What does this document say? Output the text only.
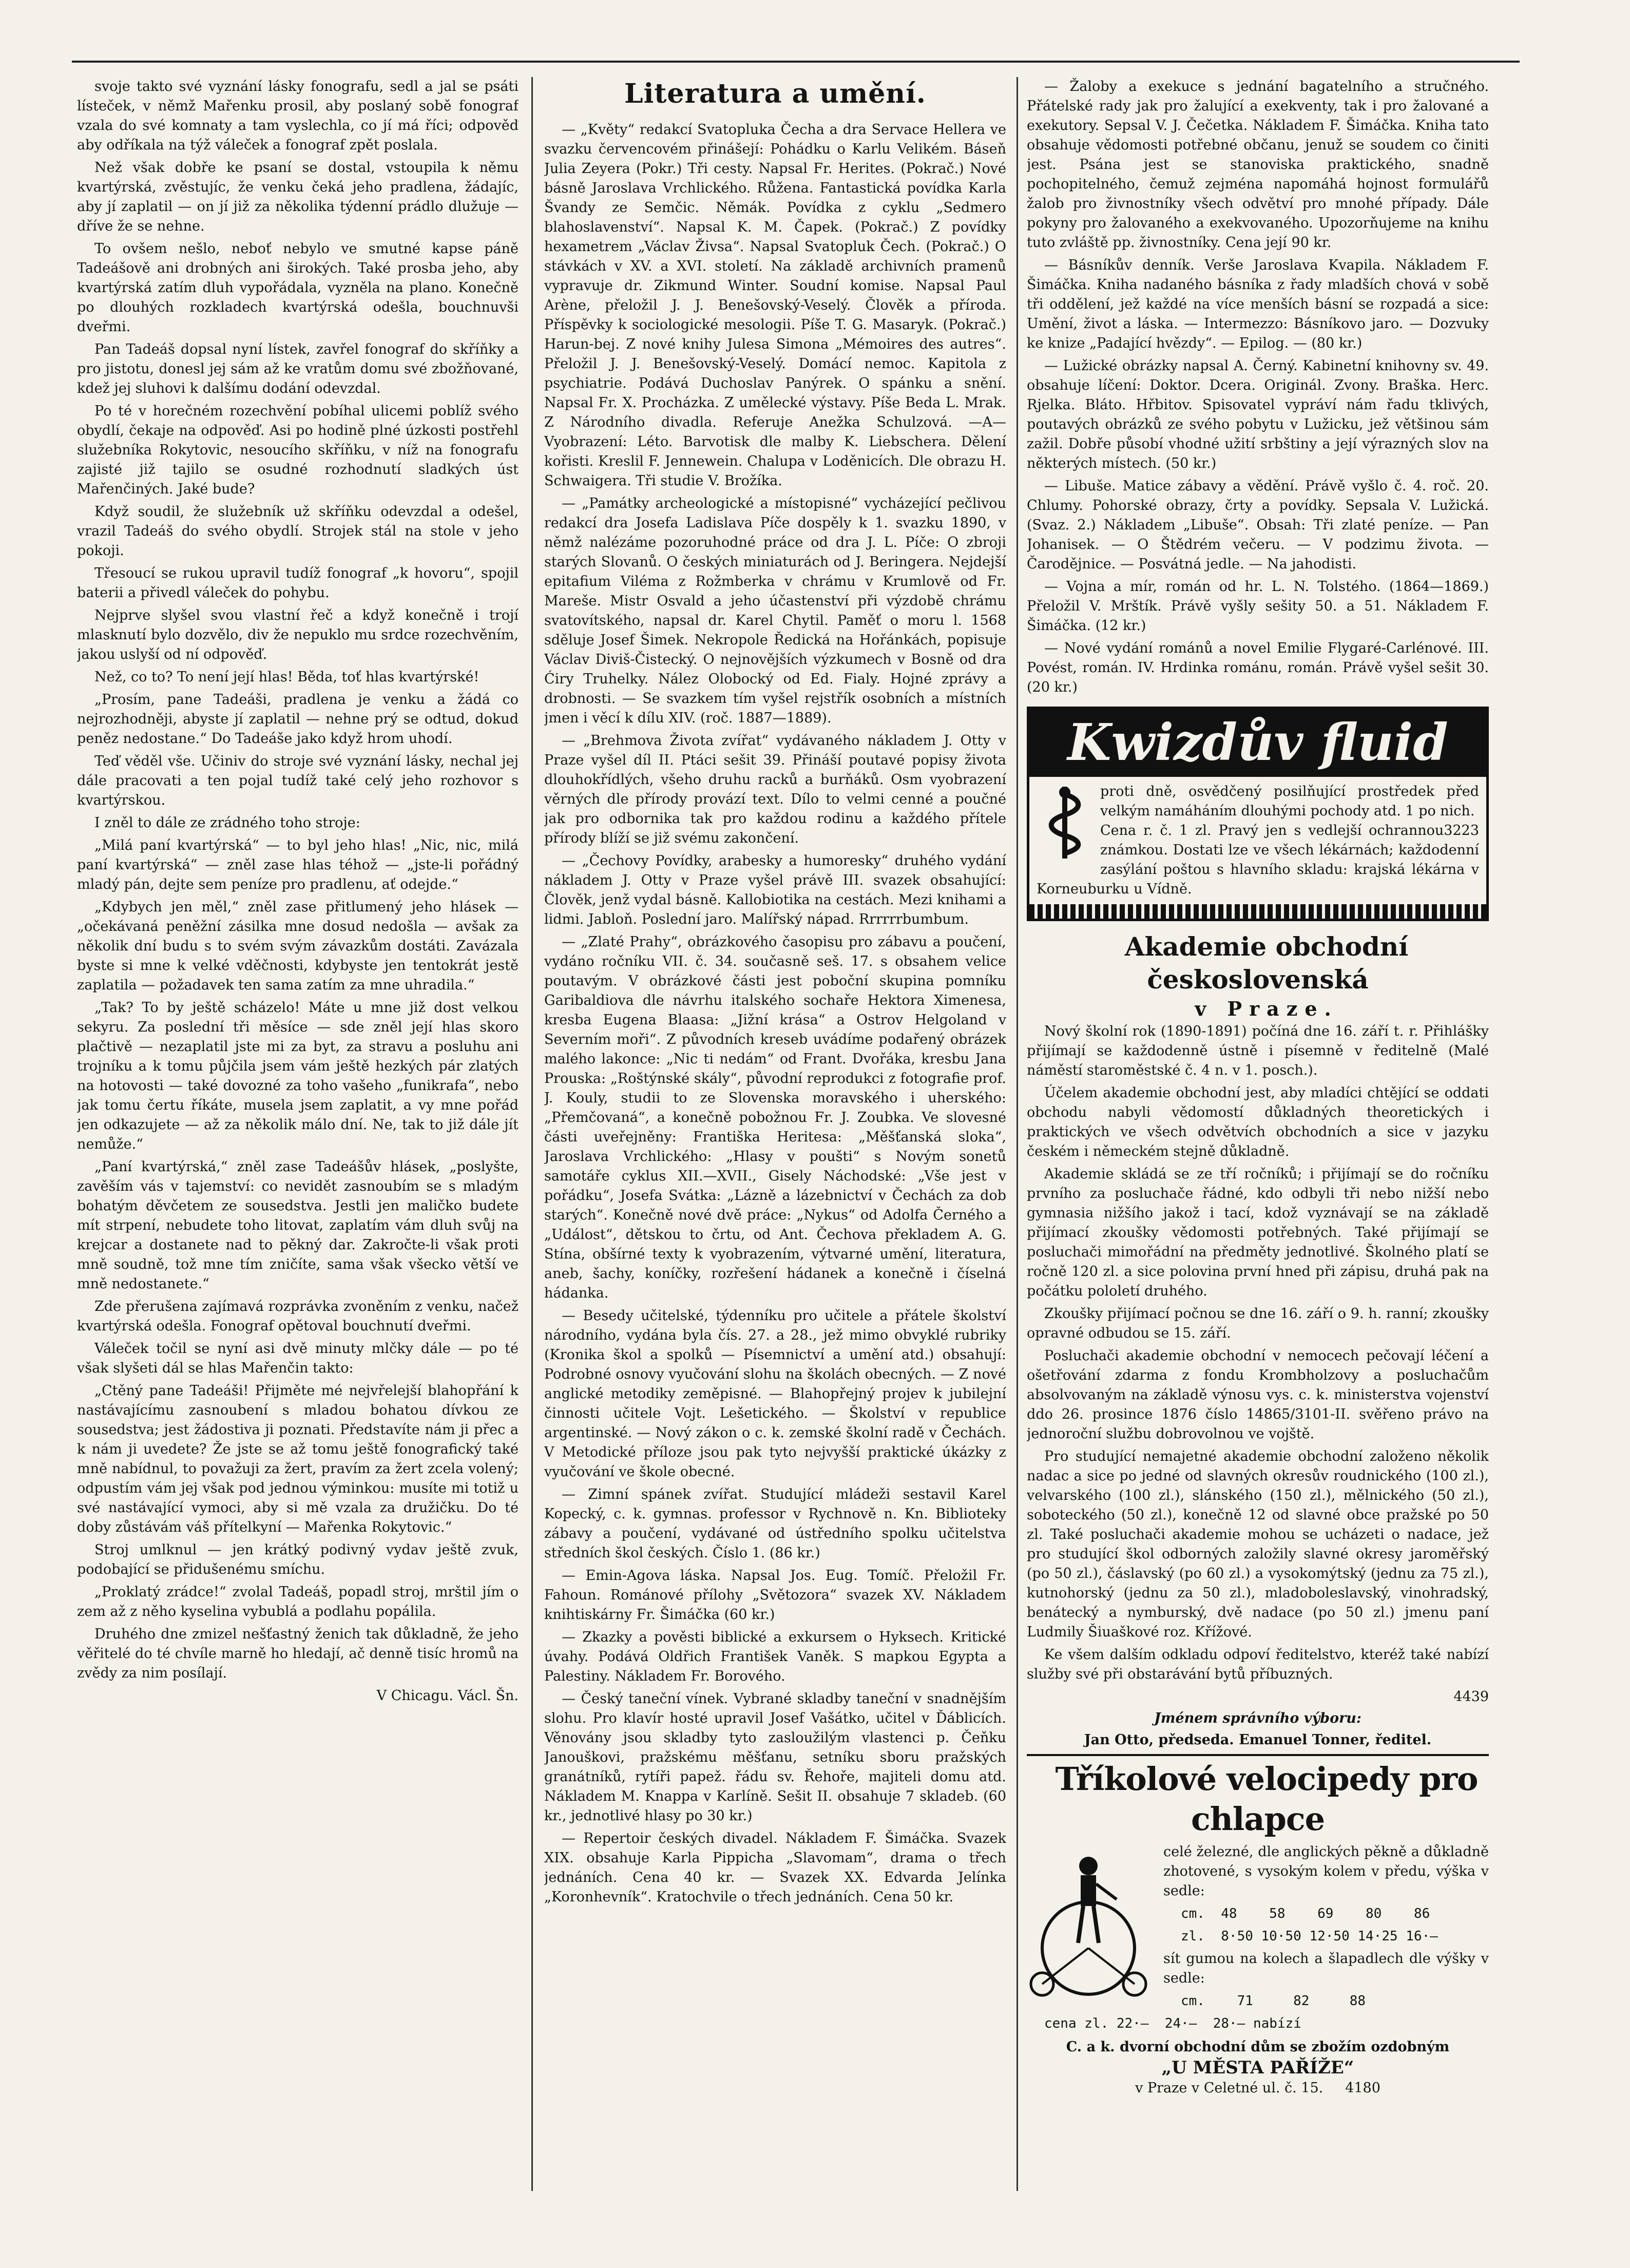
svoje takto své vyznání lásky fonografu, sedl a jal se psáti lísteček, v němž Mařenku prosil, aby poslaný sobě fonograf vzala do své komnaty a tam vyslechla, co jí má říci; odpověď aby odříkala na týž váleček a fonograf zpět poslala.

Než však dobře ke psaní se dostal, vstoupila k němu kvartýrská, zvěstujíc, že venku čeká jeho pradlena, žádajíc, aby jí zaplatil — on jí již za několika týdenní prádlo dlužuje — dříve že se nehne.

To ovšem nešlo, neboť nebylo ve smutné kapse páně Tadeášově ani drobných ani širokých. Také prosba jeho, aby kvartýrská zatím dluh vypořádala, vyzněla na plano. Konečně po dlouhých rozkladech kvartýrská odešla, bouchnuvši dveřmi.

Pan Tadeáš dopsal nyní lístek, zavřel fonograf do skříňky a pro jistotu, donesl jej sám až ke vratům domu své zbožňované, kdež jej sluhovi k dalšímu dodání odevzdal.

Po té v horečném rozechvění pobíhal ulicemi poblíž svého obydlí, čekaje na odpověď. Asi po hodině plné úzkosti postřehl služebníka Rokytovic, nesoucího skříňku, v níž na fonografu zajisté již tajilo se osudné rozhodnutí sladkých úst Mařenčiných. Jaké bude?

Když soudil, že služebník už skříňku odevzdal a odešel, vrazil Tadeáš do svého obydlí. Strojek stál na stole v jeho pokoji.

Třesoucí se rukou upravil tudíž fonograf „k hovoru“, spojil baterii a přivedl váleček do pohybu.

Nejprve slyšel svou vlastní řeč a když konečně i trojí mlasknutí bylo dozvělo, div že nepuklo mu srdce rozechvěním, jakou uslyší od ní odpověď.

Než, co to? To není její hlas! Běda, toť hlas kvartýrské!

„Prosím, pane Tadeáši, pradlena je venku a žádá co nejrozhodněji, abyste jí zaplatil — nehne prý se odtud, dokud peněz nedostane.“ Do Tadeáše jako když hrom uhodí.

Teď věděl vše. Učiniv do stroje své vyznání lásky, nechal jej dále pracovati a ten pojal tudíž také celý jeho rozhovor s kvartýrskou.

I zněl to dále ze zrádného toho stroje:

„Milá paní kvartýrská“ — to byl jeho hlas! „Nic, nic, milá paní kvartýrská“ — zněl zase hlas téhož — „jste-li pořádný mladý pán, dejte sem peníze pro pradlenu, ať odejde.“

„Kdybych jen měl,“ zněl zase přitlumený jeho hlásek — „očekávaná peněžní zásilka mne dosud nedošla — avšak za několik dní budu s to svém svým závazkům dostáti. Zavázala byste si mne k velké vděčnosti, kdybyste jen tentokrát jestě zaplatila — požadavek ten sama zatím za mne uhradila.“

„Tak? To by ještě scházelo! Máte u mne již dost velkou sekyru. Za poslední tři měsíce — sde zněl její hlas skoro plačtivě — nezaplatil jste mi za byt, za stravu a posluhu ani trojníku a k tomu půjčila jsem vám ještě hezkých pár zlatých na hotovosti — také dovozné za toho vašeho „funikrafa“, nebo jak tomu čertu říkáte, musela jsem zaplatit, a vy mne pořád jen odkazujete — až za několik málo dní. Ne, tak to již dále jít nemůže.“

„Paní kvartýrská,“ zněl zase Tadeášův hlásek, „poslyšte, zavěším vás v tajemství: co nevidět zasnoubím se s mladým bohatým děvčetem ze sousedstva. Jestli jen maličko budete mít strpení, nebudete toho litovat, zaplatím vám dluh svůj na krejcar a dostanete nad to pěkný dar. Zakročte-li však proti mně soudně, tož mne tím zničíte, sama však všecko větší ve mně nedostanete.“

Zde přerušena zajímavá rozprávka zvoněním z venku, načež kvartýrská odešla. Fonograf opětoval bouchnutí dveřmi.

Váleček točil se nyní asi dvě minuty mlčky dále — po té však slyšeti dál se hlas Mařenčin takto:

„Ctěný pane Tadeáši! Přijměte mé nejvřelejší blahopřání k nastávajícímu zasnoubení s mladou bohatou dívkou ze sousedstva; jest žádostiva ji poznati. Představíte nám ji přec a k nám ji uvedete? Že jste se až tomu ještě fonografický také mně nabídnul, to považuji za žert, pravím za žert zcela volený; odpustím vám jej však pod jednou výminkou: musíte mi totiž u své nastávající vymoci, aby si mě vzala za družičku. Do té doby zůstávám váš přítelkyní — Mařenka Rokytovic.“

Stroj umlknul — jen krátký podivný vydav ještě zvuk, podobající se přidušenému smíchu.

„Proklatý zrádce!“ zvolal Tadeáš, popadl stroj, mrštil jím o zem až z něho kyselina vybublá a podlahu popálila.

Druhého dne zmizel nešťastný ženich tak důkladně, že jeho věřitelé do té chvíle marně ho hledají, ač denně tisíc hromů na zvědy za nim posílají.

V Chicagu. Václ. Šn.

Literatura a umění.

— „Květy“ redakcí Svatopluka Čecha a dra Servace Hellera ve svazku červencovém přinášejí: Pohádku o Karlu Velikém. Báseň Julia Zeyera (Pokr.) Tři cesty. Napsal Fr. Herites. (Pokrač.) Nové básně Jaroslava Vrchlického. Růžena. Fantastická povídka Karla Švandy ze Semčic. Němák. Povídka z cyklu „Sedmero blahoslavenství“. Napsal K. M. Čapek. (Pokrač.) Z povídky hexametrem „Václav Živsa“. Napsal Svatopluk Čech. (Pokrač.) O stávkách v XV. a XVI. století. Na základě archivních pramenů vypravuje dr. Zikmund Winter. Soudní komise. Napsal Paul Arène, přeložil J. J. Benešovský-Veselý. Člověk a příroda. Příspěvky k sociologické mesologii. Píše T. G. Masaryk. (Pokrač.) Harun-bej. Z nové knihy Julesa Simona „Mémoires des autres“. Přeložil J. J. Benešovský-Veselý. Domácí nemoc. Kapitola z psychiatrie. Podává Duchoslav Panýrek. O spánku a snění. Napsal Fr. X. Procházka. Z umělecké výstavy. Píše Beda L. Mrak. Z Národního divadla. Referuje Anežka Schulzová. —A— Vyobrazení: Léto. Barvotisk dle malby K. Liebschera. Dělení kořisti. Kreslil F. Jennewein. Chalupa v Loděnicích. Dle obrazu H. Schwaigera. Tři studie V. Brožíka.

— „Památky archeologické a místopisné“ vycházející pečlivou redakcí dra Josefa Ladislava Píče dospěly k 1. svazku 1890, v němž nalézáme pozoruhodné práce od dra J. L. Píče: O zbroji starých Slovanů. O českých miniaturách od J. Beringera. Nejdejší epitafium Viléma z Rožmberka v chrámu v Krumlově od Fr. Mareše. Mistr Osvald a jeho účastenství při výzdobě chrámu svatovítského, napsal dr. Karel Chytil. Paměť o moru l. 1568 sděluje Josef Šimek. Nekropole Ředická na Hořánkách, popisuje Václav Diviš-Čistecký. O nejnovějších výzkumech v Bosně od dra Ćiry Truhelky. Nález Olobocký od Ed. Fialy. Hojné zprávy a drobnosti. — Se svazkem tím vyšel rejstřík osobních a místních jmen i věcí k dílu XIV. (roč. 1887—1889).

— „Brehmova Života zvířat“ vydávaného nákladem J. Otty v Praze vyšel díl II. Ptáci sešit 39. Přináší poutavé popisy života dlouhokřídlých, všeho druhu racků a burňáků. Osm vyobrazení věrných dle přírody provází text. Dílo to velmi cenné a poučné jak pro odbornika tak pro každou rodinu a každého přítele přírody blíží se již svému zakončení.

— „Čechovy Povídky, arabesky a humoresky“ druhého vydání nákladem J. Otty v Praze vyšel právě III. svazek obsahující: Člověk, jenž vydal básně. Kallobiotika na cestách. Mezi knihami a lidmi. Jabloň. Poslední jaro. Malířský nápad. Rrrrrrbumbum.

— „Zlaté Prahy“, obrázkového časopisu pro zábavu a poučení, vydáno ročníku VII. č. 34. současně seš. 17. s obsahem velice poutavým. V obrázkové části jest poboční skupina pomníku Garibaldiova dle návrhu italského sochaře Hektora Ximenesa, kresba Eugena Blaasa: „Jižní krása“ a Ostrov Helgoland v Severním moři“. Z původních kreseb uvádíme podařený obrázek malého lakonce: „Nic ti nedám“ od Frant. Dvořáka, kresbu Jana Prouska: „Roštýnské skály“, původní reprodukci z fotografie prof. J. Kouly, studii to ze Slovenska moravského i uherského: „Přemčovaná“, a konečně pobožnou Fr. J. Zoubka. Ve slovesné části uveřejněny: Františka Heritesa: „Měšťanská sloka“, Jaroslava Vrchlického: „Hlasy v poušti“ s Novým sonetů samotáře cyklus XII.—XVII., Gisely Náchodské: „Vše jest v pořádku“, Josefa Svátka: „Lázně a lázebnictví v Čechách za dob starých“. Konečně nové dvě práce: „Nykus“ od Adolfa Černého a „Událost“, dětskou to črtu, od Ant. Čechova překladem A. G. Stína, obšírné texty k vyobrazením, výtvarné umění, literatura, aneb, šachy, koníčky, rozřešení hádanek a konečně i číselná hádanka.

— Besedy učitelské, týdenníku pro učitele a přátele školství národního, vydána byla čís. 27. a 28., jež mimo obvyklé rubriky (Kronika škol a spolků — Písemnictví a umění atd.) obsahují: Podrobné osnovy vyučování slohu na školách obecných. — Z nové anglické metodiky zeměpisné. — Blahopřejný projev k jubilejní činnosti učitele Vojt. Lešetického. — Školství v republice argentinské. — Nový zákon o c. k. zemské školní radě v Čechách. V Metodické příloze jsou pak tyto nejvyšší praktické úkázky z vyučování ve škole obecné.

— Zimní spánek zvířat. Studující mládeži sestavil Karel Kopecký, c. k. gymnas. professor v Rychnově n. Kn. Biblioteky zábavy a poučení, vydávané od ústředního spolku učitelstva středních škol českých. Číslo 1. (86 kr.)

— Emin-Agova láska. Napsal Jos. Eug. Tomíč. Přeložil Fr. Fahoun. Románové přílohy „Světozora“ svazek XV. Nákladem knihtiskárny Fr. Šimáčka (60 kr.)

— Zkazky a pověsti biblické a exkursem o Hyksech. Kritické úvahy. Podává Oldřich František Vaněk. S mapkou Egypta a Palestiny. Nákladem Fr. Borového.

— Český taneční vínek. Vybrané skladby taneční v snadnějším slohu. Pro klavír hosté upravil Josef Vašátko, učitel v Ďáblicích. Věnovány jsou skladby tyto zasloužilým vlastenci p. Čeňku Janouškovi, pražskému měšťanu, setníku sboru pražských granátníků, rytíři papež. řádu sv. Řehoře, majiteli domu atd. Nákladem M. Knappa v Karlíně. Sešit II. obsahuje 7 skladeb. (60 kr., jednotlivé hlasy po 30 kr.)

— Repertoir českých divadel. Nákladem F. Šimáčka. Svazek XIX. obsahuje Karla Pippicha „Slavomam“, drama o třech jednáních. Cena 40 kr. — Svazek XX. Edvarda Jelínka „Koronhevník“. Kratochvile o třech jednáních. Cena 50 kr.

— Žaloby a exekuce s jednání bagatelního a stručného. Přátelské rady jak pro žalující a exekventy, tak i pro žalované a exekutory. Sepsal V. J. Čečetka. Nákladem F. Šimáčka. Kniha tato obsahuje vědomosti potřebné občanu, jenuž se soudem co činiti jest. Psána jest se stanoviska praktického, snadně pochopitelného, čemuž zejména napomáhá hojnost formulářů žalob pro živnostníky všech odvětví pro mnohé případy. Dále pokyny pro žalovaného a exekvovaného. Upozorňujeme na knihu tuto zvláště pp. živnostníky. Cena její 90 kr.

— Básníkův denník. Verše Jaroslava Kvapila. Nákladem F. Šimáčka. Kniha nadaného básníka z řady mladších chová v sobě tři oddělení, jež každé na více menších básní se rozpadá a sice: Umění, život a láska. — Intermezzo: Básníkovo jaro. — Dozvuky ke knize „Padající hvězdy“. — Epilog. — (80 kr.)

— Lužické obrázky napsal A. Černý. Kabinetní knihovny sv. 49. obsahuje líčení: Doktor. Dcera. Originál. Zvony. Braška. Herc. Rjelka. Bláto. Hřbitov. Spisovatel vypráví nám řadu tklivých, poutavých obrázků ze svého pobytu v Lužicku, jež většinou sám zažil. Dobře působí vhodné užití srbštiny a její výrazných slov na některých místech. (50 kr.)

— Libuše. Matice zábavy a vědění. Právě vyšlo č. 4. roč. 20. Chlumy. Pohorské obrazy, črty a povídky. Sepsala V. Lužická. (Svaz. 2.) Nákladem „Libuše“. Obsah: Tři zlaté peníze. — Pan Johanisek. — O Štědrém večeru. — V podzimu života. — Čarodějnice. — Posvátná jedle. — Na jahodisti.

— Vojna a mír, román od hr. L. N. Tolstého. (1864—1869.) Přeložil V. Mrštík. Právě vyšly sešity 50. a 51. Nákladem F. Šimáčka. (12 kr.)

— Nové vydání románů a novel Emilie Flygaré-Carlénové. III. Povést, román. IV. Hrdinka románu, román. Právě vyšel sešit 30. (20 kr.)

Kwizdův fluid

proti dně, osvědčený posilňující prostředek před velkým namáháním dlouhými pochody atd. 1 po nich.
3223

Cena r. č. 1 zl. Pravý jen s vedlejší ochrannou známkou. Dostati lze ve všech lékárnách; každodenní zasýlání poštou s hlavního skladu: krajská lékárna v Korneuburku u Vídně.

Akademie obchodní československá

v Praze.

Nový školní rok (1890-1891) počíná dne 16. září t. r. Přihlášky přijímají se každodenně ústně i písemně v ředitelně (Malé náměstí staroměstské č. 4 n. v 1. posch.).

Účelem akademie obchodní jest, aby mladíci chtějící se oddati obchodu nabyli vědomostí důkladných theoretických i praktických ve všech odvětvích obchodních a sice v jazyku českém i německém stejně důkladně.

Akademie skládá se ze tří ročníků; i přijímají se do ročníku prvního za posluchače řádné, kdo odbyli tři nebo nižší nebo gymnasia nižšího jakož i tací, kdož vyznávají se na základě přijímací zkoušky vědomosti potřebných. Také přijímají se posluchači mimořádní na předměty jednotlivé. Školného platí se ročně 120 zl. a sice polovina první hned při zápisu, druhá pak na počátku pololetí druhého.

Zkoušky přijímací počnou se dne 16. září o 9. h. ranní; zkoušky opravné odbudou se 15. září.

Posluchači akademie obchodní v nemocech pečovají léčení a ošetřování zdarma z fondu Krombholzovy a posluchačům absolvovaným na základě výnosu vys. c. k. ministerstva vojenství ddo 26. prosince 1876 číslo 14865/3101-II. svěřeno právo na jednoroční službu dobrovolnou ve vojště.

Pro studující nemajetné akademie obchodní založeno několik nadac a sice po jedné od slavných okresův roudnického (100 zl.), velvarského (100 zl.), slánského (150 zl.), mělnického (50 zl.), soboteckého (50 zl.), konečně 12 od slavné obce pražské po 50 zl. Také posluchači akademie mohou se ucházeti o nadace, jež pro studující škol odborných založily slavné okresy jaroměřský (po 50 zl.), čáslavský (po 60 zl.) a vysokomýtský (jednu za 75 zl.), kutnohorský (jednu za 50 zl.), mladoboleslavský, vinohradský, benátecký a nymburský, dvě nadace (po 50 zl.) jmenu paní Ludmily Šiuaškové roz. Křížové.

Ke všem dalším odkladu odpoví ředitelstvo, kteréž také nabízí služby své při obstarávání bytů příbuzných.

4439

Jménem správního výboru:

Jan Otto, předseda. Emanuel Tonner, ředitel.

Tříkolové velocipedy pro chlapce

celé železné, dle anglických pěkně a důkladně zhotovené, s vysokým kolem v předu, výška v sedle:

cm.  48    58    69    80    86

zl.  8·50 10·50 12·50 14·25 16·—

sít gumou na kolech a šlapadlech dle výšky v sedle:

cm.    71     82     88

cena zl. 22·—  24·—  28·— nabízí

C. a k. dvorní obchodní dům se zbožím ozdobným

„U MĚSTA PAŘÍŽE“

v Praze v Celetné ul. č. 15. 4180
